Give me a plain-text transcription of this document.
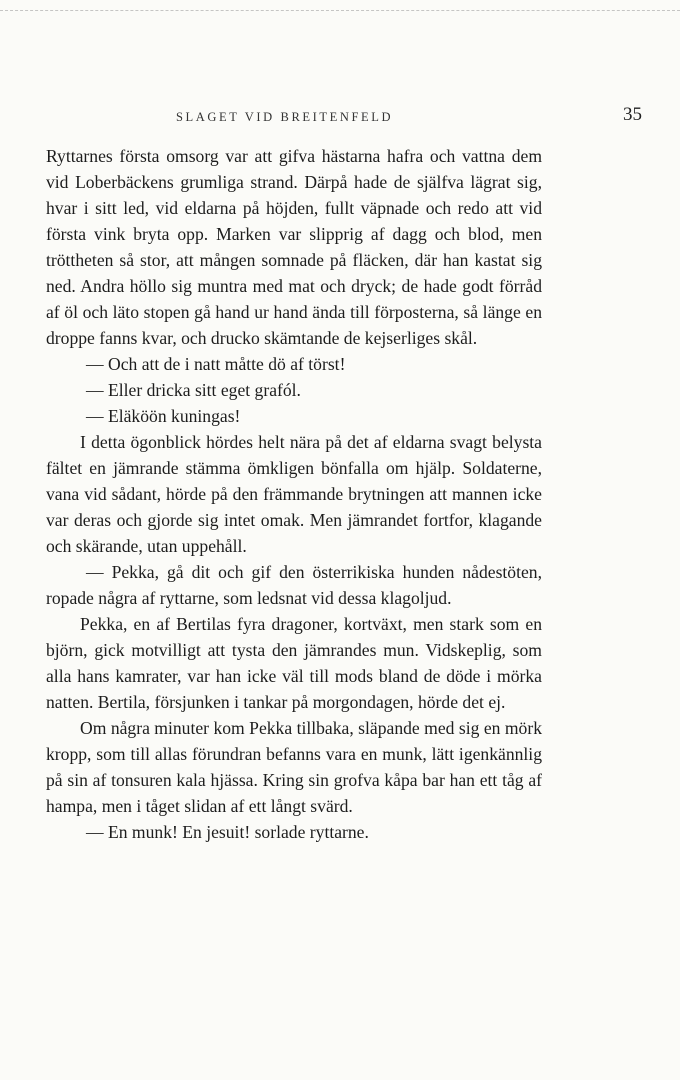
SLAGET VID BREITENFELD	35

Ryttarnes första omsorg var att gifva hästarna hafra och vattna dem vid Loberbäckens grumliga strand. Därpå hade de själfva lägrat sig, hvar i sitt led, vid eldarna på höjden, fullt väpnade och redo att vid första vink bryta opp. Marken var slipprig af dagg och blod, men tröttheten så stor, att mången somnade på fläcken, där han kastat sig ned. Andra höllo sig muntra med mat och dryck; de hade godt förråd af öl och läto stopen gå hand ur hand ända till förposterna, så länge en droppe fanns kvar, och drucko skämtande de kejserliges skål.

— Och att de i natt måtte dö af törst!

— Eller dricka sitt eget grafól.

— Eläköön kuningas!

I detta ögonblick hördes helt nära på det af eldarna svagt belysta fältet en jämrande stämma ömkligen bönfalla om hjälp. Soldaterne, vana vid sådant, hörde på den främmande brytningen att mannen icke var deras och gjorde sig intet omak. Men jämrandet fortfor, klagande och skärande, utan uppehåll.

— Pekka, gå dit och gif den österrikiska hunden nådestöten, ropade några af ryttarne, som ledsnat vid dessa klagoljud.

Pekka, en af Bertilas fyra dragoner, kortväxt, men stark som en björn, gick motvilligt att tysta den jämrandes mun. Vidskeplig, som alla hans kamrater, var han icke väl till mods bland de döde i mörka natten. Bertila, försjunken i tankar på morgondagen, hörde det ej.

Om några minuter kom Pekka tillbaka, släpande med sig en mörk kropp, som till allas förundran befanns vara en munk, lätt igenkännlig på sin af tonsuren kala hjässa. Kring sin grofva kåpa bar han ett tåg af hampa, men i tåget slidan af ett långt svärd.

— En munk! En jesuit! sorlade ryttarne.
